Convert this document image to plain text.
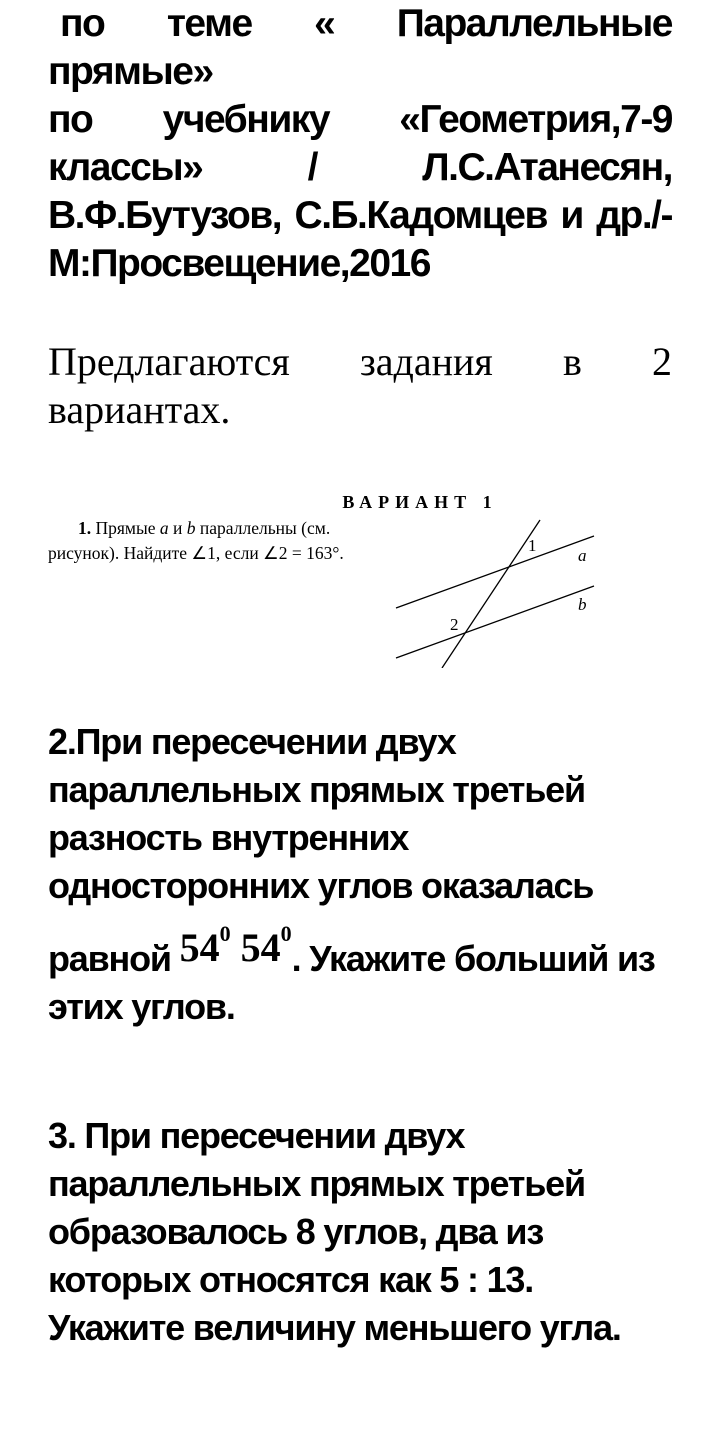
по теме « Параллельные прямые»
по учебнику «Геометрия,7-9 классы» / Л.С.Атанесян, В.Ф.Бутузов, С.Б.Кадомцев и др./- М:Просвещение,2016

Предлагаются задания в 2 вариантах.

ВАРИАНТ 1
1. Прямые a и b параллельны (см. рисунок). Найдите ∠1, если ∠2 = 163°.	1
2
a
b
2.При пересечении двух параллельных прямых третьей разность внутренних односторонних углов оказалась равной $54^0$ $54^0$. Укажите больший из этих углов.
3. При пересечении двух параллельных прямых третьей образовалось 8 углов, два из которых относятся как 5 : 13. Укажите величину меньшего угла.
